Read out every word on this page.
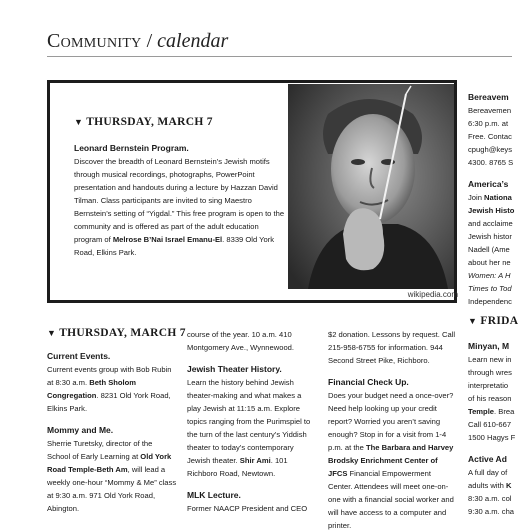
Community / calendar
▼ THURSDAY, MARCH 7
Leonard Bernstein Program.
Discover the breadth of Leonard Bernstein’s Jewish motifs through musical recordings, photographs, PowerPoint presentation and handouts during a lecture by Hazzan David Tilman. Class participants are invited to sing Maestro Bernstein’s setting of “Yigdal.” This free program is open to the community and is offered as part of the adult education program of Melrose B’Nai Israel Emanu-El. 8339 Old York Road, Elkins Park.
wikipedia.com
▼ THURSDAY, MARCH 7

Current Events.

Current events group with Bob Rubin at 8:30 a.m. Beth Sholom Congregation. 8231 Old York Road, Elkins Park.

Mommy and Me.

Sherrie Turetsky, director of the School of Early Learning at Old York Road Temple-Beth Am, will lead a weekly one-hour “Mommy & Me” class at 9:30 a.m. 971 Old York Road, Abington.

course of the year. 10 a.m. 410 Montgomery Ave., Wynnewood.

Jewish Theater History.

Learn the history behind Jewish theater-making and what makes a play Jewish at 11:15 a.m. Explore topics ranging from the Purimspiel to the turn of the last century’s Yiddish theater to today’s contemporary Jewish theater. Shir Ami. 101 Richboro Road, Newtown.

MLK Lecture.

Former NAACP President and CEO

$2 donation. Lessons by request. Call 215-958-6755 for information. 944 Second Street Pike, Richboro.

Financial Check Up.

Does your budget need a once-over? Need help looking up your credit report? Worried you aren’t saving enough? Stop in for a visit from 1-4 p.m. at the The Barbara and Harvey Brodsky Enrichment Center of JFCS Financial Empowerment Center. Attendees will meet one-on-one with a financial social worker and will have access to a computer and printer.

Bereavem

Bereavemen

6:30 p.m. at

Free. Contac

cpugh@keys

4300. 8765 S

America’s

Join Nationa

Jewish Histo

and acclaime

Jewish histor

Nadell (Ame

about her ne

Women: A H

Times to Tod

Independenc

▼ FRIDA

Minyan, M

Learn new in

through wres

interpretatio

of his reason

Temple. Brea

Call 610-667

1500 Hagys F

Active Ad

A full day of

adults with K

8:30 a.m. col

9:30 a.m. cha
